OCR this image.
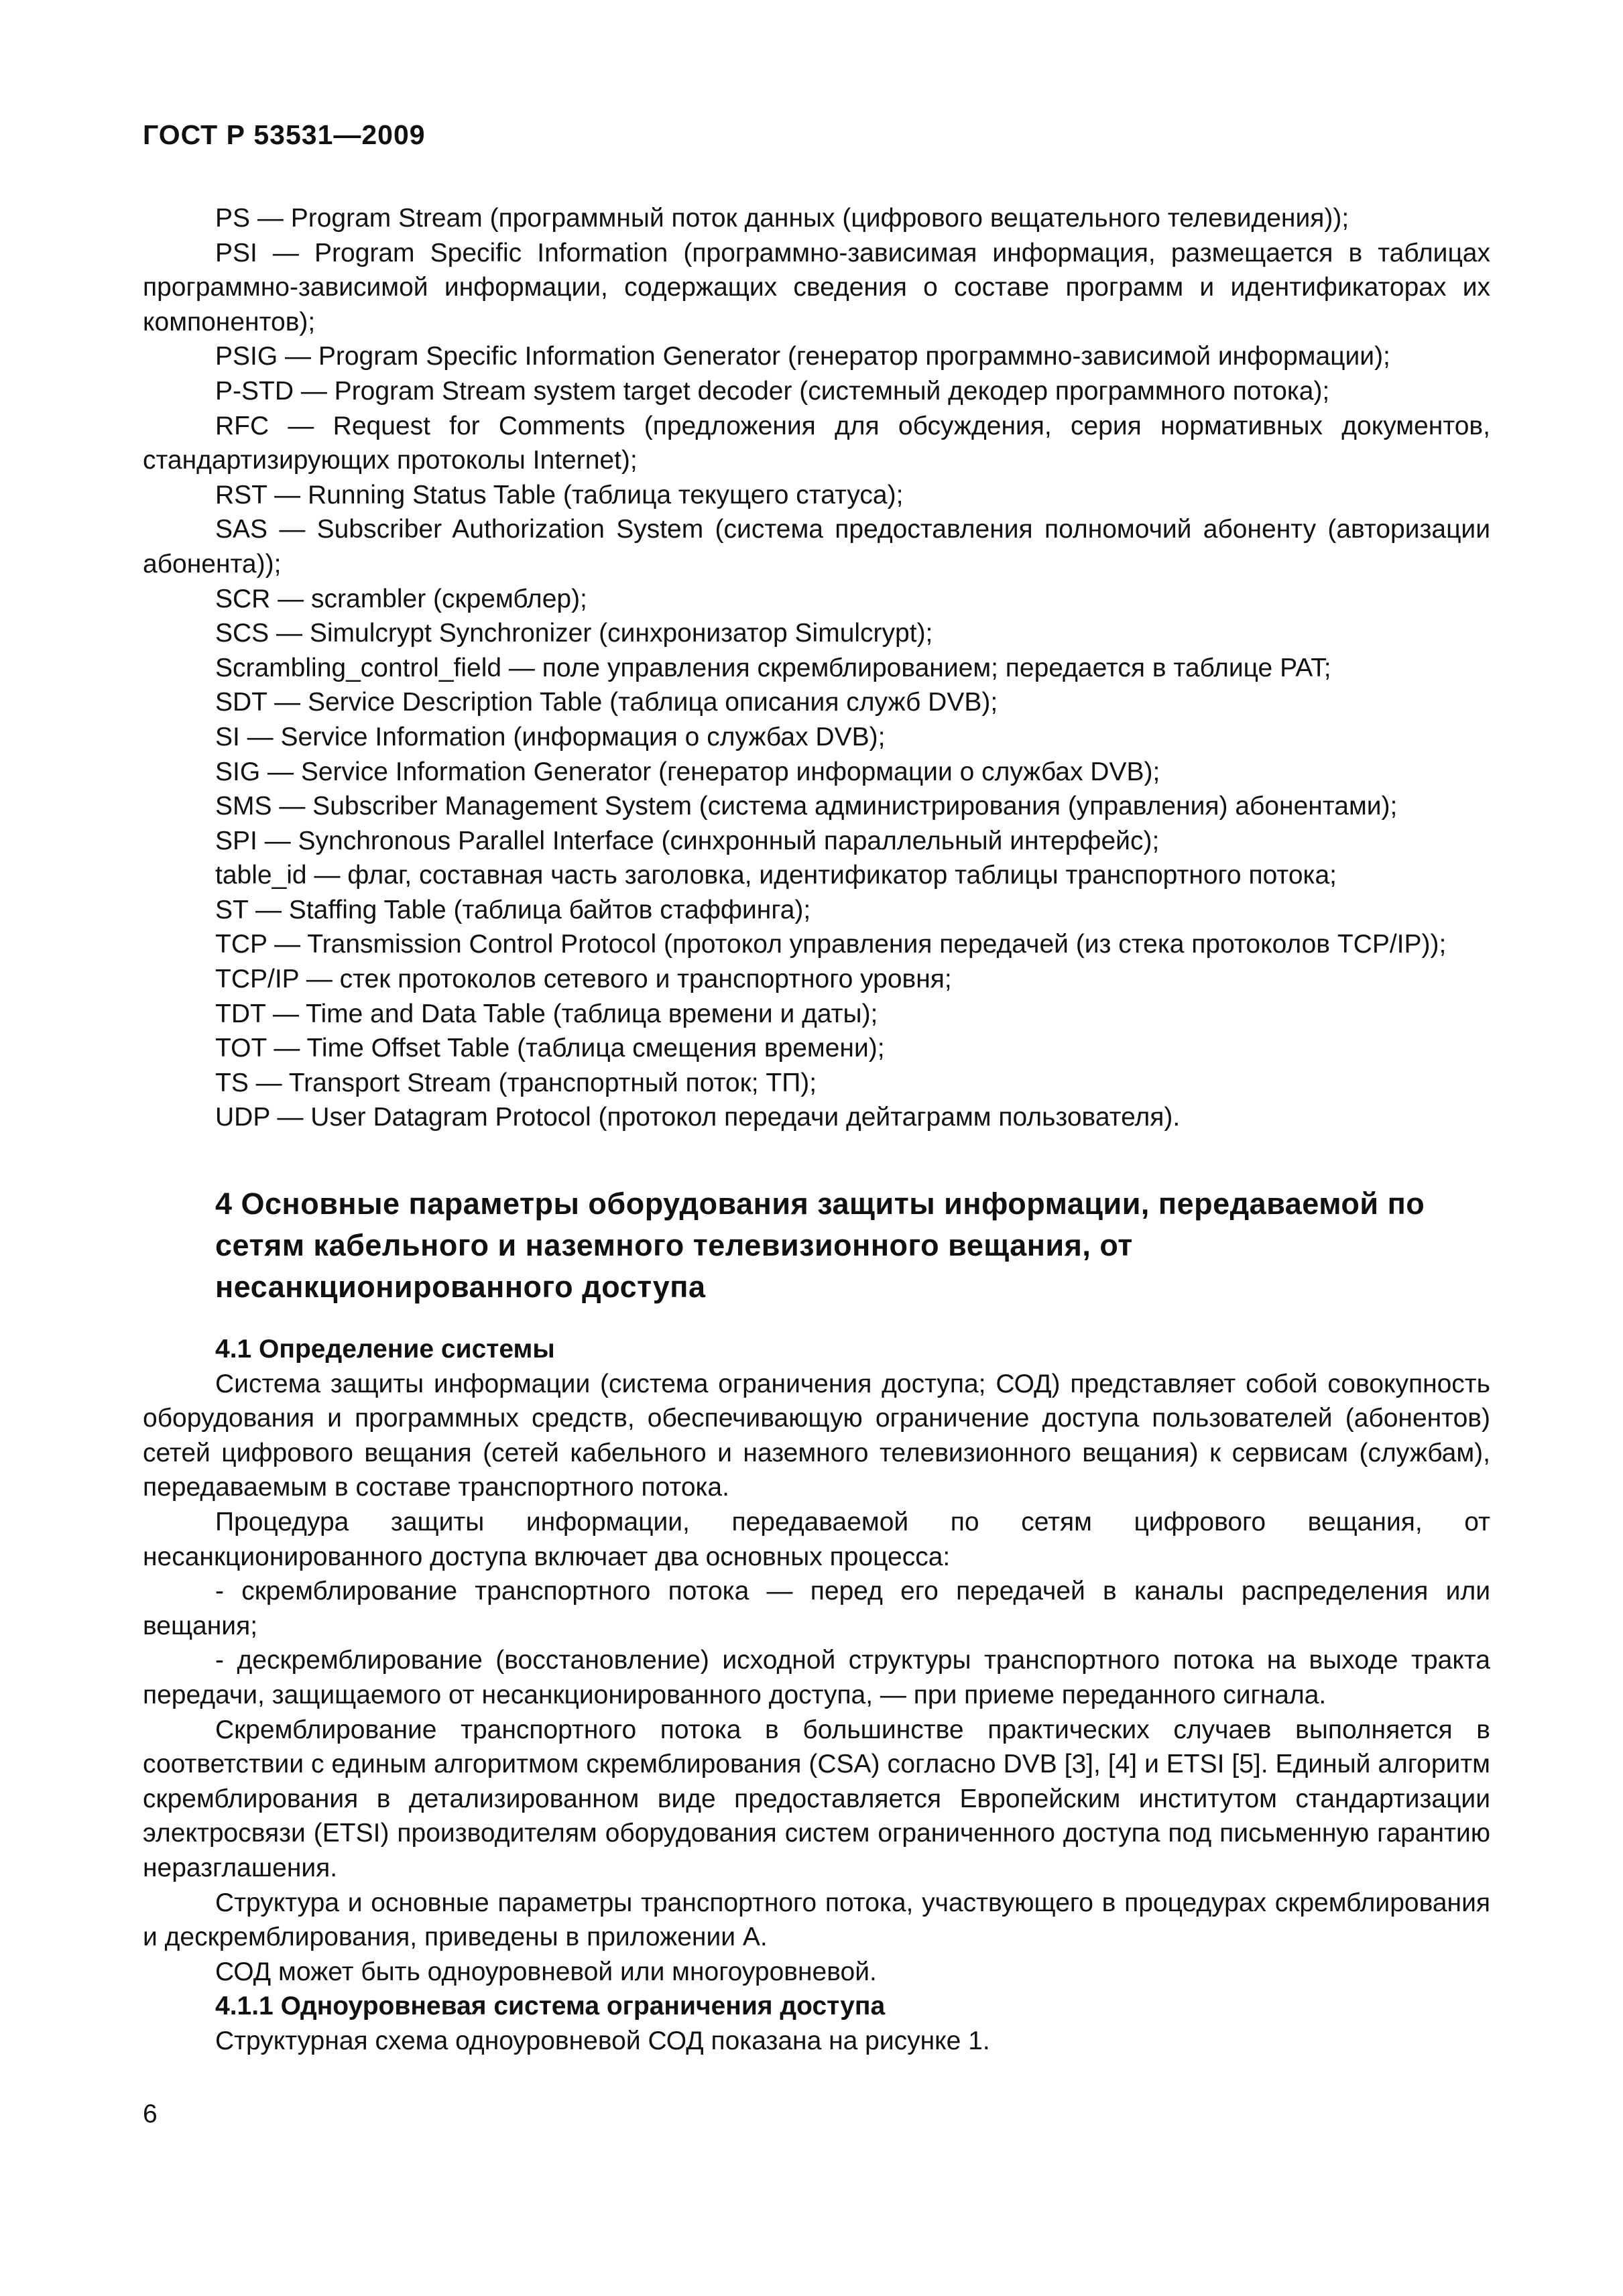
ГОСТ Р 53531—2009

PS — Program Stream (программный поток данных (цифрового вещательного телевидения));

PSI — Program Specific Information (программно-зависимая информация, размещается в таблицах программно-зависимой информации, содержащих сведения о составе программ и идентификаторах их компонентов);

PSIG — Program Specific Information Generator (генератор программно-зависимой информации);

P-STD — Program Stream system target decoder (системный декодер программного потока);

RFC — Request for Comments (предложения для обсуждения, серия нормативных документов, стандартизирующих протоколы Internet);

RST — Running Status Table (таблица текущего статуса);

SAS — Subscriber Authorization System (система предоставления полномочий абоненту (авторизации абонента));

SCR — scrambler (скремблер);

SCS — Simulcrypt Synchronizer (синхронизатор Simulcrypt);

Scrambling_control_field — поле управления скремблированием; передается в таблице PAT;

SDT — Service Description Table (таблица описания служб DVB);

SI — Service Information (информация о службах DVB);

SIG — Service Information Generator (генератор информации о службах DVB);

SMS — Subscriber Management System (система администрирования (управления) абонентами);

SPI — Synchronous Parallel Interface (синхронный параллельный интерфейс);

table_id — флаг, составная часть заголовка, идентификатор таблицы транспортного потока;

ST — Staffing Table (таблица байтов стаффинга);

TCP — Transmission Control Protocol (протокол управления передачей (из стека протоколов TCP/IP));

TCP/IP — стек протоколов сетевого и транспортного уровня;

TDT — Time and Data Table (таблица времени и даты);

TOT — Time Offset Table (таблица смещения времени);

TS — Transport Stream (транспортный поток; ТП);

UDP — User Datagram Protocol (протокол передачи дейтаграмм пользователя).

4 Основные параметры оборудования защиты информации, передаваемой по сетям кабельного и наземного телевизионного вещания, от несанкционированного доступа

4.1 Определение системы

Система защиты информации (система ограничения доступа; СОД) представляет собой совокупность оборудования и программных средств, обеспечивающую ограничение доступа пользователей (абонентов) сетей цифрового вещания (сетей кабельного и наземного телевизионного вещания) к сервисам (службам), передаваемым в составе транспортного потока.

Процедура защиты информации, передаваемой по сетям цифрового вещания, от несанкционированного доступа включает два основных процесса:

- скремблирование транспортного потока — перед его передачей в каналы распределения или вещания;

- дескремблирование (восстановление) исходной структуры транспортного потока на выходе тракта передачи, защищаемого от несанкционированного доступа, — при приеме переданного сигнала.

Скремблирование транспортного потока в большинстве практических случаев выполняется в соответствии с единым алгоритмом скремблирования (CSA) согласно DVB [3], [4] и ETSI [5]. Единый алгоритм скремблирования в детализированном виде предоставляется Европейским институтом стандартизации электросвязи (ETSI) производителям оборудования систем ограниченного доступа под письменную гарантию неразглашения.

Структура и основные параметры транспортного потока, участвующего в процедурах скремблирования и дескремблирования, приведены в приложении А.

СОД может быть одноуровневой или многоуровневой.

4.1.1 Одноуровневая система ограничения доступа

Структурная схема одноуровневой СОД показана на рисунке 1.

6
